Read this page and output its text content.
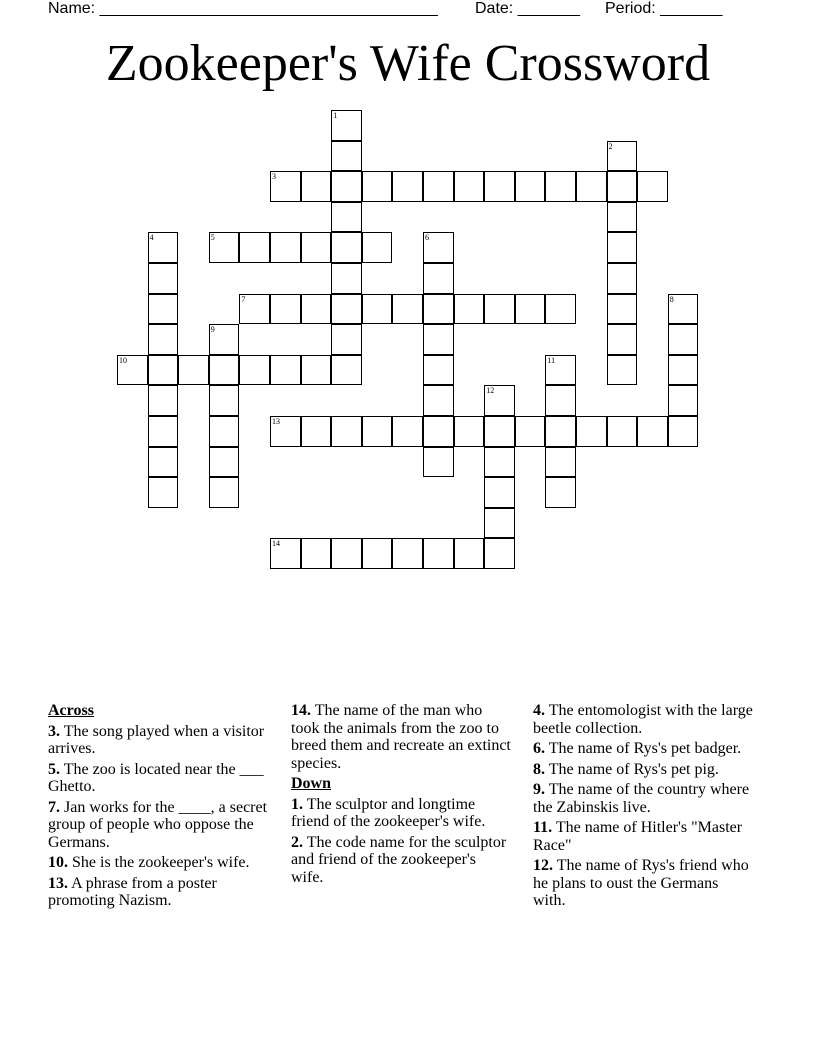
Name: ______________________________________ Date: _______ Period: _______
Zookeeper's Wife Crossword
1
2
3
4	5	6
7	8
9
10	11
12
13
14
Across
3. The song played when a visitor arrives.
5. The zoo is located near the ___ Ghetto.
7. Jan works for the ____, a secret group of people who oppose the Germans.
10. She is the zookeeper's wife.
13. A phrase from a poster promoting Nazism.
14. The name of the man who took the animals from the zoo to breed them and recreate an extinct species.
Down
1. The sculptor and longtime friend of the zookeeper's wife.
2. The code name for the sculptor and friend of the zookeeper's wife.
4. The entomologist with the large beetle collection.
6. The name of Rys's pet badger.
8. The name of Rys's pet pig.
9. The name of the country where the Zabinskis live.
11. The name of Hitler's "Master Race"
12. The name of Rys's friend who he plans to oust the Germans with.
